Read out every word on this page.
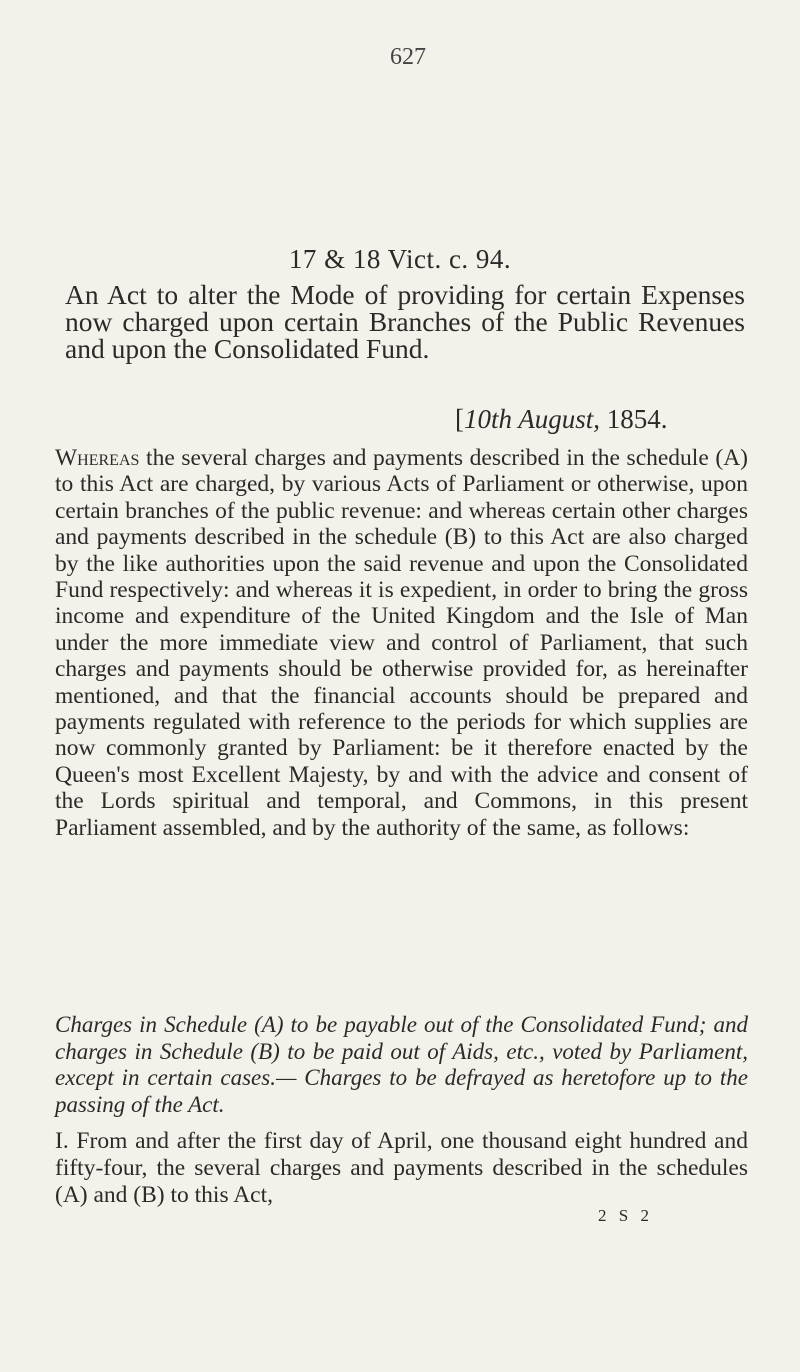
627
17 & 18 Vict. c. 94.
An Act to alter the Mode of providing for certain Expenses now charged upon certain Branches of the Public Revenues and upon the Consolidated Fund.
[10th August, 1854.
Whereas the several charges and payments described in the schedule (A) to this Act are charged, by various Acts of Parliament or otherwise, upon certain branches of the public revenue: and whereas certain other charges and payments described in the schedule (B) to this Act are also charged by the like authorities upon the said revenue and upon the Consolidated Fund respectively: and whereas it is expedient, in order to bring the gross income and expenditure of the United Kingdom and the Isle of Man under the more immediate view and control of Parliament, that such charges and payments should be otherwise provided for, as hereinafter mentioned, and that the financial accounts should be prepared and payments regulated with reference to the periods for which supplies are now commonly granted by Parliament: be it therefore enacted by the Queen's most Excellent Majesty, by and with the advice and consent of the Lords spiritual and temporal, and Commons, in this present Parliament assembled, and by the authority of the same, as follows:
Charges in Schedule (A) to be payable out of the Consolidated Fund; and charges in Schedule (B) to be paid out of Aids, etc., voted by Parliament, except in certain cases.— Charges to be defrayed as heretofore up to the passing of the Act.
I. From and after the first day of April, one thousand eight hundred and fifty-four, the several charges and payments described in the schedules (A) and (B) to this Act,
2 S 2
